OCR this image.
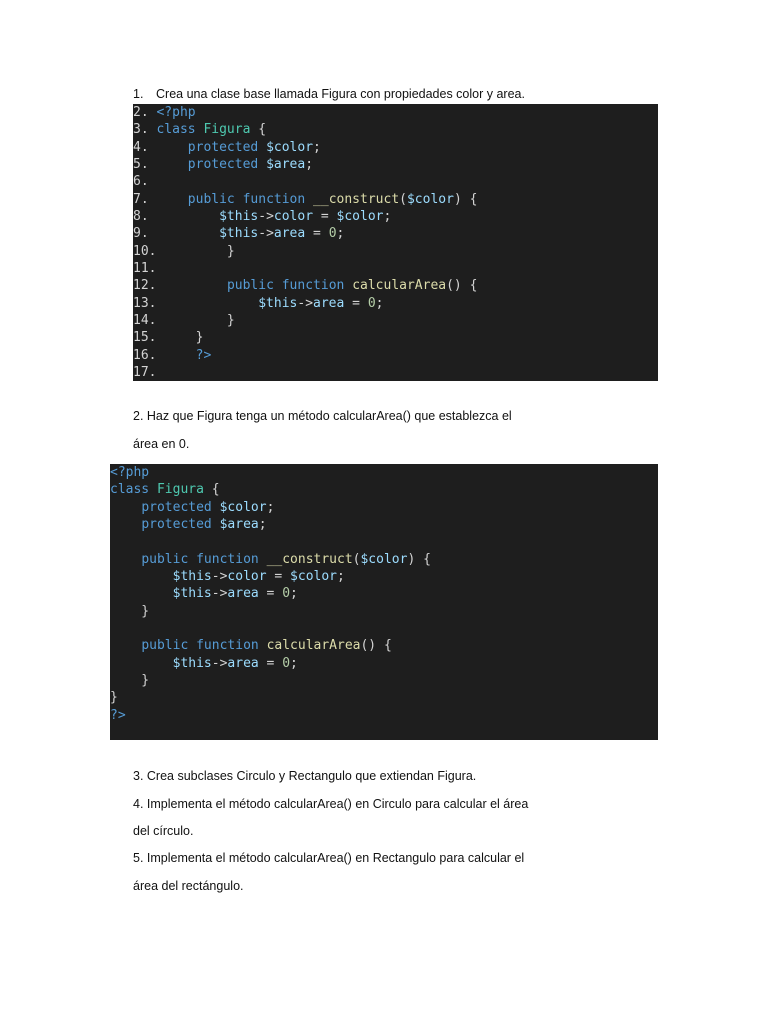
1. Crea una clase base llamada Figura con propiedades color y area.

2. <?php
3. class Figura {
4.     protected $color;
5.     protected $area;
6.
7.     public function __construct($color) {
8.	$this->color = $color;
9.	$this->area = 0;
10.         }
11.
12.	public function calcularArea() {
13.	$this->area = 0;
14.         }
15.     }
16.     ?>
17.

2. Haz que Figura tenga un método calcularArea() que establezca el

área en 0.

<?php
class Figura {
protected $color;
protected $area;

public function __construct($color) {
$this->color = $color;
$this->area = 0;
}

public function calcularArea() {
$this->area = 0;
}
}
?>

3. Crea subclases Circulo y Rectangulo que extiendan Figura.

4. Implementa el método calcularArea() en Circulo para calcular el área

del círculo.

5. Implementa el método calcularArea() en Rectangulo para calcular el

área del rectángulo.
